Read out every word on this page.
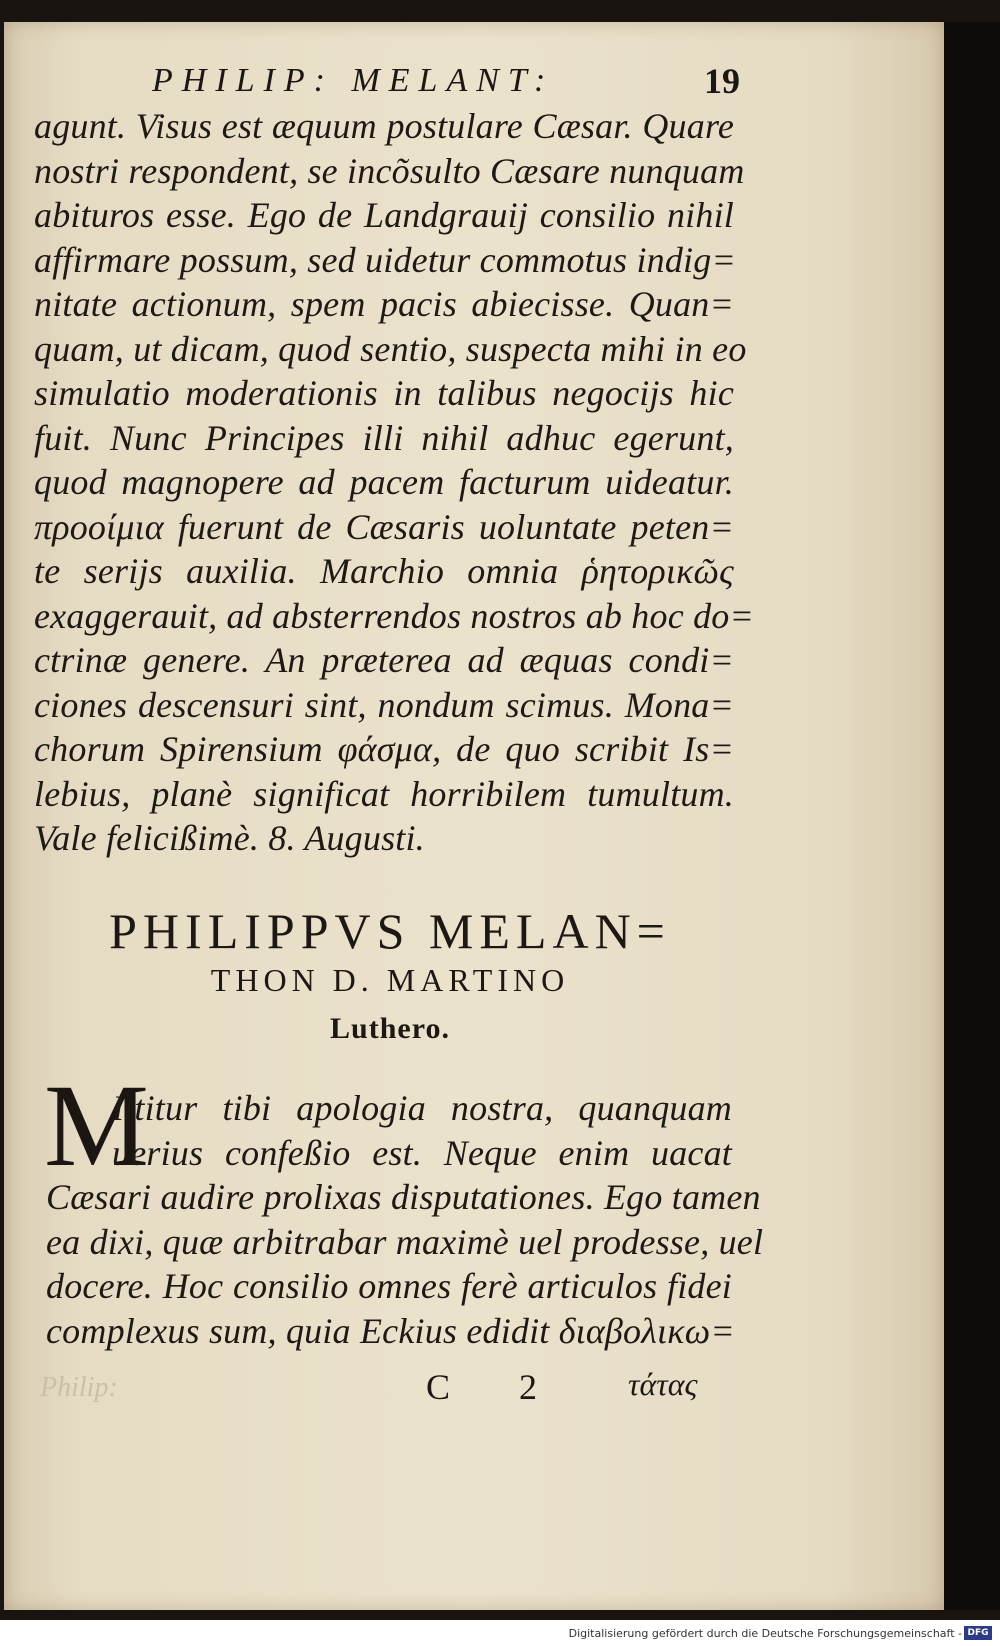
PHILIP: MELANT:	19
agunt. Visus est æquum postulare Cæsar. Quare
nostri respondent, se incõsulto Cæsare nunquam
abituros esse. Ego de Landgrauij consilio nihil
affirmare possum, sed uidetur commotus indig=
nitate actionum, spem pacis abiecisse. Quan=
quam, ut dicam, quod sentio, suspecta mihi in eo
simulatio moderationis in talibus negocijs hic
fuit. Nunc Principes illi nihil adhuc egerunt,
quod magnopere ad pacem facturum uideatur.
προοίμια fuerunt de Cæsaris uoluntate peten=
te serijs auxilia. Marchio omnia ῥητορικῶς
exaggerauit, ad absterrendos nostros ab hoc do=
ctrinæ genere. An præterea ad æquas condi=
ciones descensuri sint, nondum scimus. Mona=
chorum Spirensium φάσμα, de quo scribit Is=
lebius, planè significat horribilem tumultum.
Vale felicißimè. 8. Augusti.
PHILIPPVS MELAN=
THON D. MARTINO
Luthero.
M
Ittitur tibi apologia nostra, quanquam
uerius confeßio est. Neque enim uacat
Cæsari audire prolixas disputationes. Ego tamen
ea dixi, quæ arbitrabar maximè uel prodesse, uel
docere. Hoc consilio omnes ferè articulos fidei
complexus sum, quia Eckius edidit διαβολικω=
Philip:	C 2 τάτας
Digitalisierung gefördert durch die Deutsche Forschungsgemeinschaft - DFG
